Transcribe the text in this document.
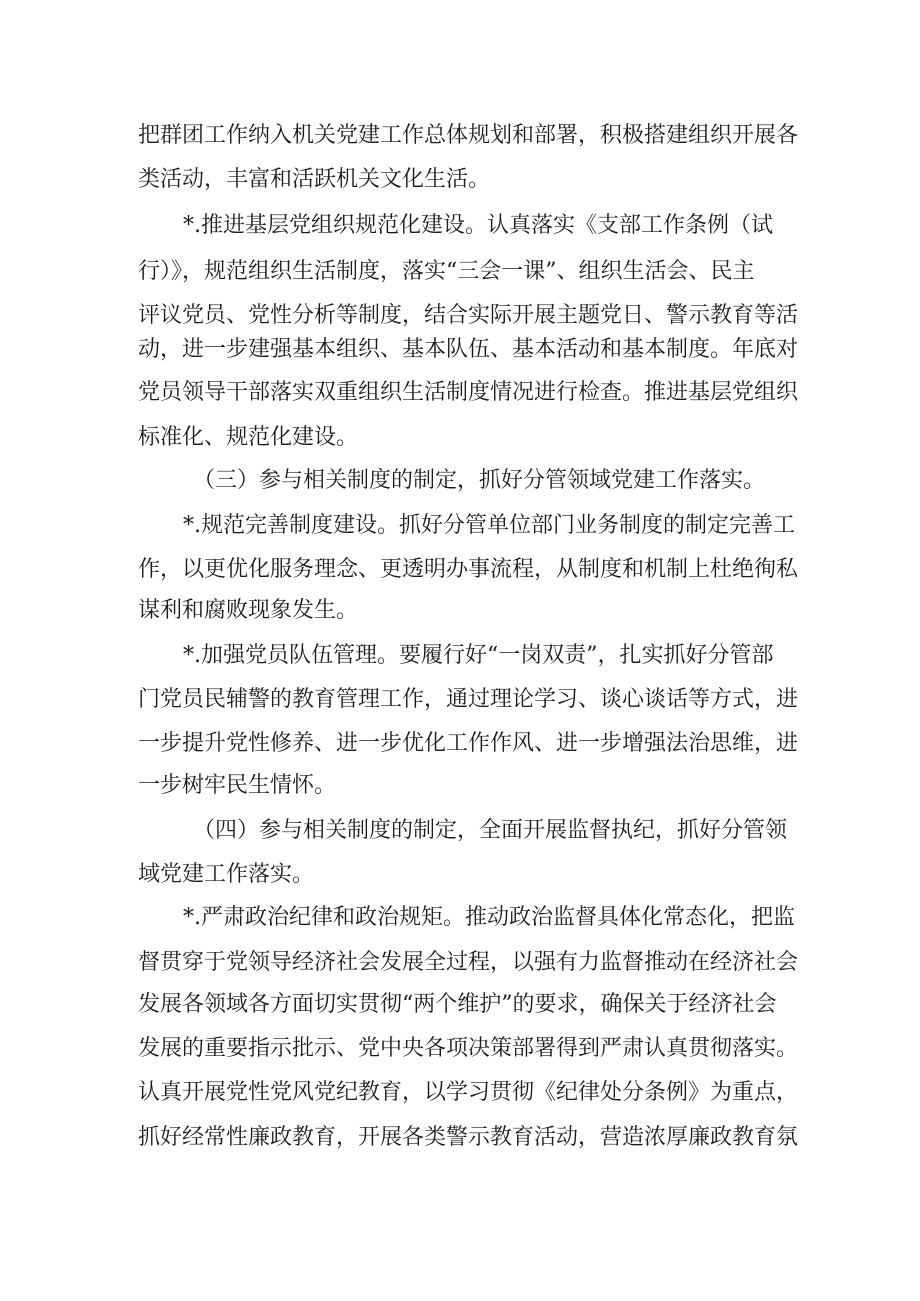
把群团工作纳入机关党建工作总体规划和部署，积极搭建组织开展各
类活动，丰富和活跃机关文化生活。
*.推进基层党组织规范化建设。认真落实《支部工作条例（试
行）》，规范组织生活制度，落实“三会一课”、组织生活会、民主
评议党员、党性分析等制度，结合实际开展主题党日、警示教育等活
动，进一步建强基本组织、基本队伍、基本活动和基本制度。年底对
党员领导干部落实双重组织生活制度情况进行检查。推进基层党组织
标准化、规范化建设。
（三）参与相关制度的制定，抓好分管领域党建工作落实。
*.规范完善制度建设。抓好分管单位部门业务制度的制定完善工
作，以更优化服务理念、更透明办事流程，从制度和机制上杜绝徇私
谋利和腐败现象发生。
*.加强党员队伍管理。要履行好“一岗双责”，扎实抓好分管部
门党员民辅警的教育管理工作，通过理论学习、谈心谈话等方式，进
一步提升党性修养、进一步优化工作作风、进一步增强法治思维，进
一步树牢民生情怀。
（四）参与相关制度的制定，全面开展监督执纪，抓好分管领
域党建工作落实。
*.严肃政治纪律和政治规矩。推动政治监督具体化常态化，把监
督贯穿于党领导经济社会发展全过程，以强有力监督推动在经济社会
发展各领域各方面切实贯彻“两个维护”的要求，确保关于经济社会
发展的重要指示批示、党中央各项决策部署得到严肃认真贯彻落实。
认真开展党性党风党纪教育，以学习贯彻《纪律处分条例》为重点，
抓好经常性廉政教育，开展各类警示教育活动，营造浓厚廉政教育氛
